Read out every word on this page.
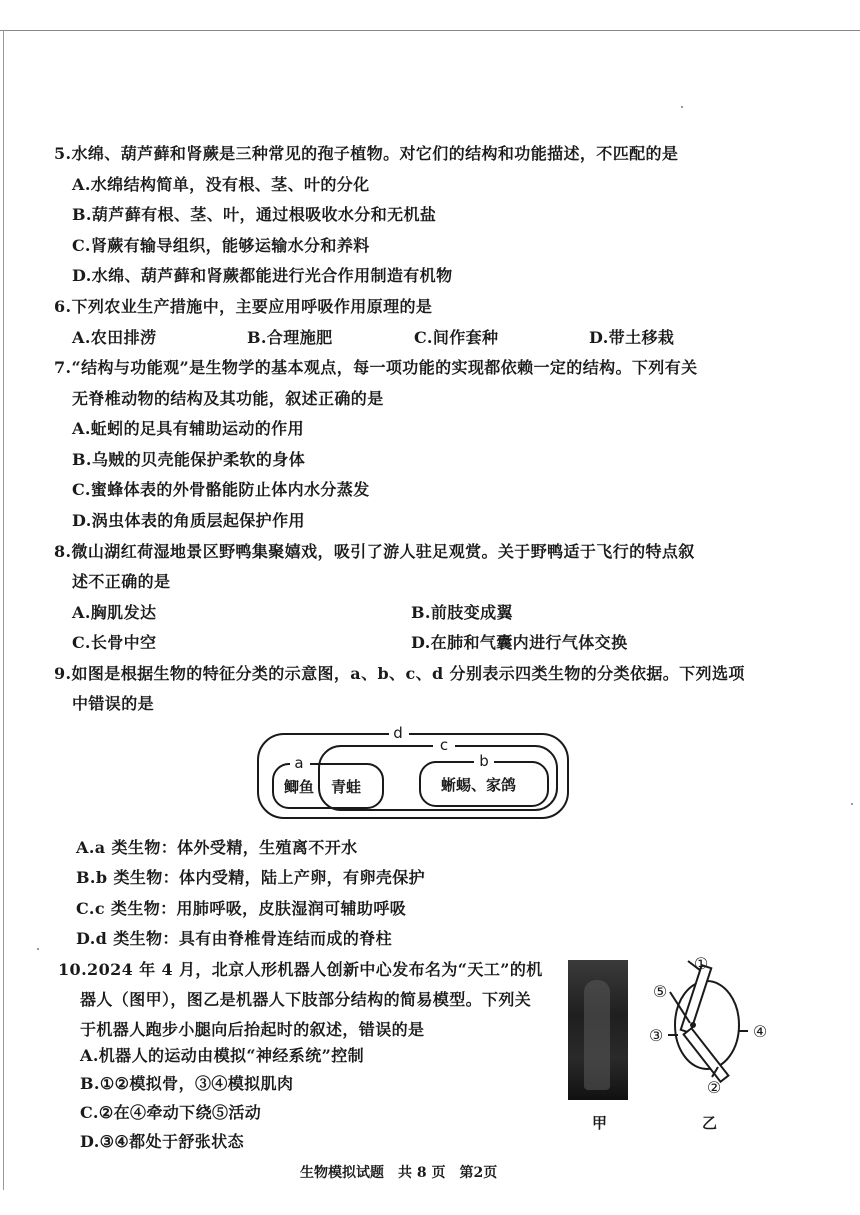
5.水绵、葫芦藓和肾蕨是三种常见的孢子植物。对它们的结构和功能描述，不匹配的是
A.水绵结构简单，没有根、茎、叶的分化
B.葫芦藓有根、茎、叶，通过根吸收水分和无机盐
C.肾蕨有输导组织，能够运输水分和养料
D.水绵、葫芦藓和肾蕨都能进行光合作用制造有机物
6.下列农业生产措施中，主要应用呼吸作用原理的是
A.农田排涝	B.合理施肥	C.间作套种	D.带土移栽
7.“结构与功能观”是生物学的基本观点，每一项功能的实现都依赖一定的结构。下列有关
无脊椎动物的结构及其功能，叙述正确的是
A.蚯蚓的足具有辅助运动的作用
B.乌贼的贝壳能保护柔软的身体
C.蜜蜂体表的外骨骼能防止体内水分蒸发
D.涡虫体表的角质层起保护作用
8.微山湖红荷湿地景区野鸭集聚嬉戏，吸引了游人驻足观赏。关于野鸭适于飞行的特点叙
述不正确的是
A.胸肌发达	B.前肢变成翼
C.长骨中空	D.在肺和气囊内进行气体交换
9.如图是根据生物的特征分类的示意图，a、b、c、d 分别表示四类生物的分类依据。下列选项
中错误的是
d
c
a	b
鲫鱼 青蛙	蜥蜴、家鸽
A.a 类生物：体外受精，生殖离不开水
B.b 类生物：体内受精，陆上产卵，有卵壳保护
C.c 类生物：用肺呼吸，皮肤湿润可辅助呼吸
D.d 类生物：具有由脊椎骨连结而成的脊柱
10.2024 年 4 月，北京人形机器人创新中心发布名为“天工”的机
器人（图甲），图乙是机器人下肢部分结构的简易模型。下列关
于机器人跑步小腿向后抬起时的叙述，错误的是
A.机器人的运动由模拟“神经系统”控制
B.①②模拟骨，③④模拟肌肉
C.②在④牵动下绕⑤活动
D.③④都处于舒张状态
甲
①
⑤
③	④
②
乙
生物模拟试题　共 8 页　第2页
